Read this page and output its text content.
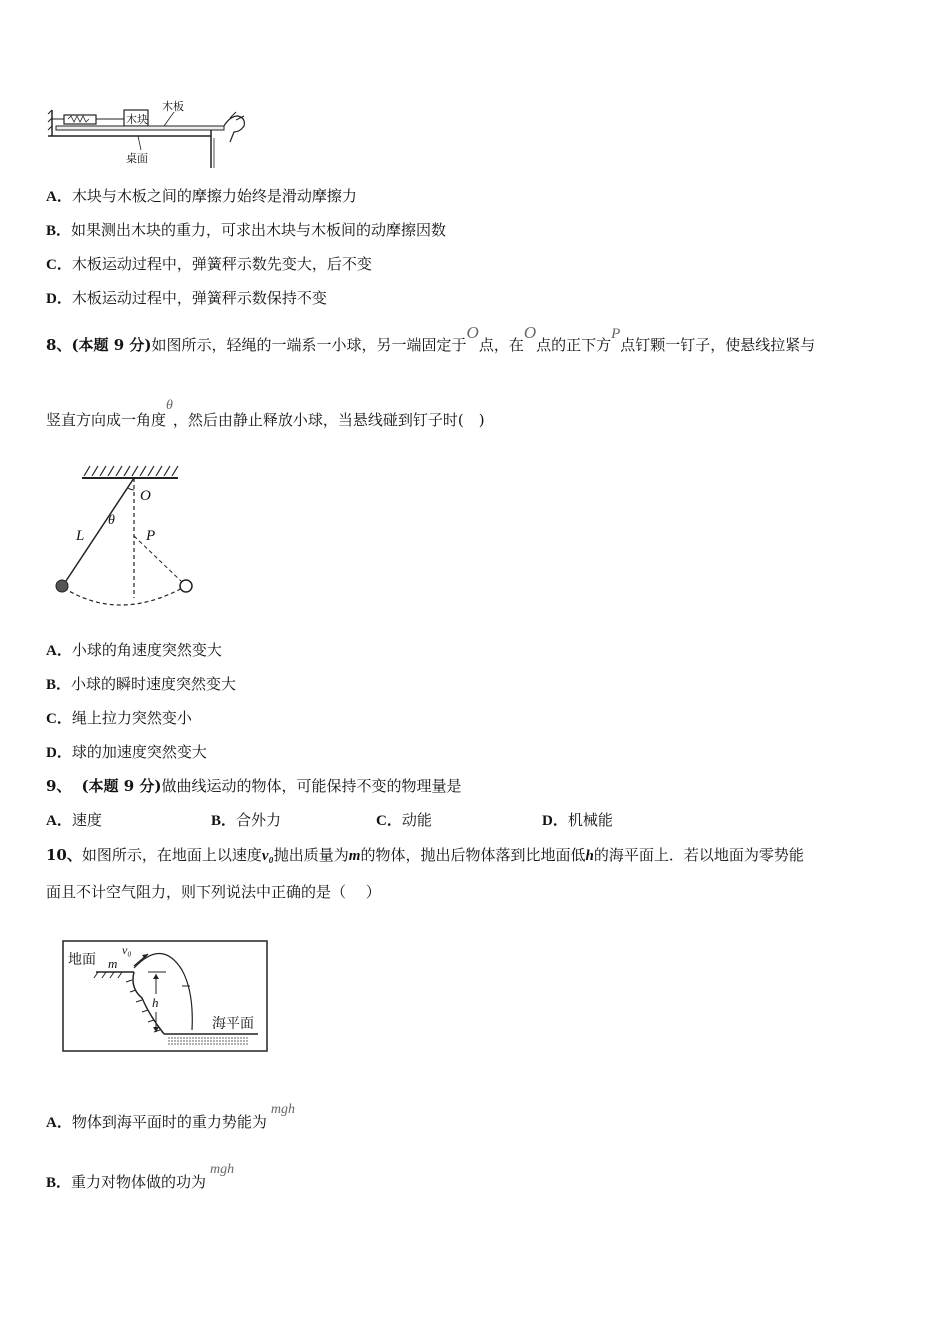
木块
木板
桌面
A．木块与木板之间的摩擦力始终是滑动摩擦力
B．如果测出木块的重力，可求出木块与木板间的动摩擦因数
C．木板运动过程中，弹簧秤示数先变大，后不变
D．木板运动过程中，弹簧秤示数保持不变
8、(本题 9 分)如图所示，轻绳的一端系一小球，另一端固定于O点，在O点的正下方P点钉颗一钉子，使悬线拉紧与
竖直方向成一角度θ，然后由静止释放小球，当悬线碰到钉子时(　)
O
θ
L	P
A．小球的角速度突然变大
B．小球的瞬时速度突然变大
C．绳上拉力突然变小
D．球的加速度突然变大
9、 (本题 9 分)做曲线运动的物体，可能保持不变的物理量是
A．速度	B．合外力	C．动能	D．机械能
10、如图所示，在地面上以速度v₀抛出质量为m的物体，抛出后物体落到比地面低h的海平面上．若以地面为零势能
面且不计空气阻力，则下列说法中正确的是（　 ）
地面
海平面
v₀
m
h
A．物体到海平面时的重力势能为mgh
B．重力对物体做的功为mgh
